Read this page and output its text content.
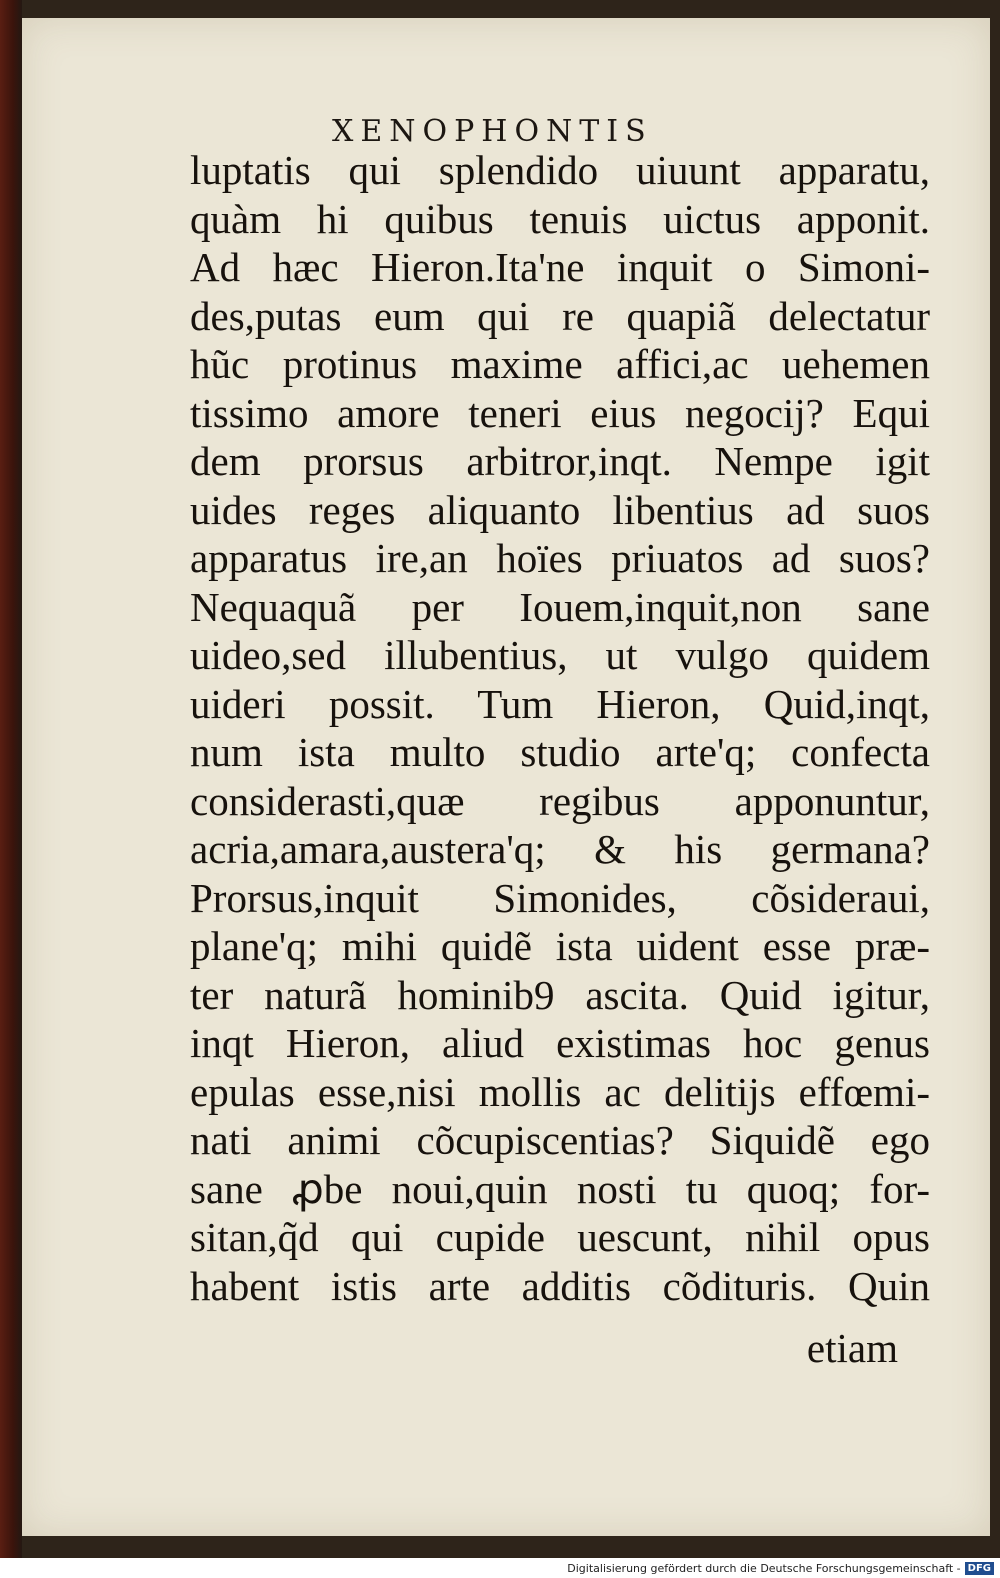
XENOPHONTIS
luptatis qui splendido uiuunt apparatu,
quàm hi quibus tenuis uictus apponit.
Ad hæc Hieron.Ita'ne inquit o Simoni-
des,putas eum qui re quapiã delectatur
hũc protinus maxime affici,ac uehemen
tissimo amore teneri eius negocij? Equi
dem prorsus arbitror,inqt. Nempe igit
uides reges aliquanto libentius ad suos
apparatus ire,an hoïes priuatos ad suos?
Nequaquã per Iouem,inquit,non sane
uideo,sed illubentius, ut vulgo quidem
uideri possit. Tum Hieron, Quid,inqt,
num ista multo studio arte'q; confecta
considerasti,quæ regibus apponuntur,
acria,amara,austera'q; & his germana?
Prorsus,inquit Simonides, cõsideraui,
plane'q; mihi quidẽ ista uident esse præ-
ter naturã hominib9 ascita. Quid igitur,
inqt Hieron, aliud existimas hoc genus
epulas esse,nisi mollis ac delitijs effœmi-
nati animi cõcupiscentias? Siquidẽ ego
sane ꝓbe noui,quin nosti tu quoq; for-
sitan,q̃d qui cupide uescunt, nihil opus
habent istis arte additis cõdituris. Quin
etiam
Digitalisierung gefördert durch die Deutsche Forschungsgemeinschaft - DFG
